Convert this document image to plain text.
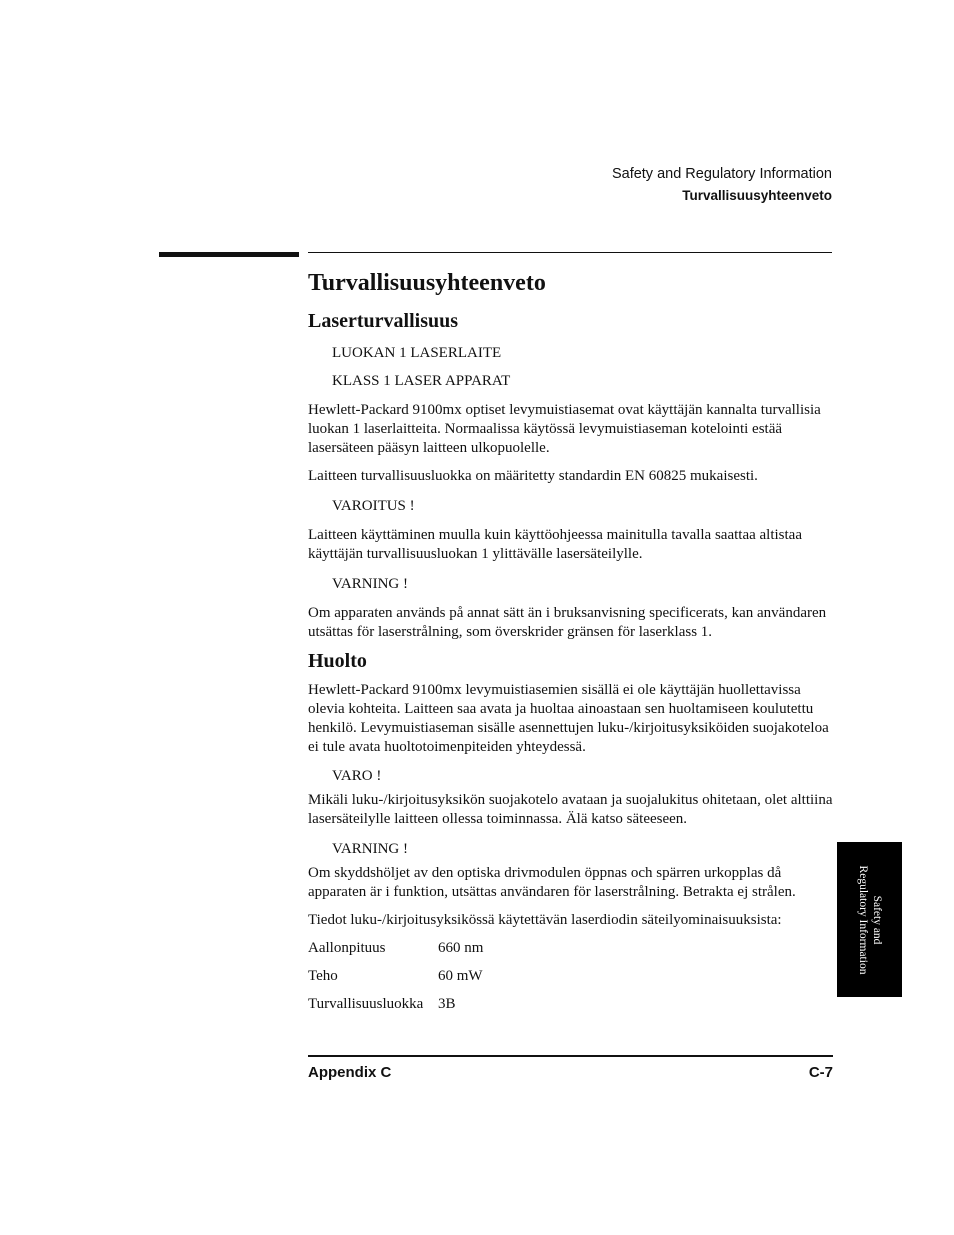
Safety and Regulatory Information
Turvallisuusyhteenveto
Turvallisuusyhteenveto
Laserturvallisuus
LUOKAN 1 LASERLAITE
KLASS 1 LASER APPARAT
Hewlett-Packard 9100mx optiset levymuistiasemat ovat käyttäjän kannalta turvallisia luokan 1 laserlaitteita. Normaalissa käytössä levymuistiaseman kotelointi estää lasersäteen pääsyn laitteen ulkopuolelle.
Laitteen turvallisuusluokka on määritetty standardin EN 60825 mukaisesti.
VAROITUS !
Laitteen käyttäminen muulla kuin käyttöohjeessa mainitulla tavalla saattaa altistaa käyttäjän turvallisuusluokan 1 ylittävälle lasersäteilylle.
VARNING !
Om apparaten används på annat sätt än i bruksanvisning specificerats, kan användaren utsättas för laserstrålning, som överskrider gränsen för laserklass 1.
Huolto
Hewlett-Packard 9100mx levymuistiasemien sisällä ei ole käyttäjän huollettavissa olevia kohteita. Laitteen saa avata ja huoltaa ainoastaan sen huoltamiseen koulutettu henkilö. Levymuistiaseman sisälle asennettujen luku-/kirjoitusyksiköiden suojakoteloa ei tule avata huoltotoimenpiteiden yhteydessä.
VARO !
Mikäli luku-/kirjoitusyksikön suojakotelo avataan ja suojalukitus ohitetaan, olet alttiina lasersäteilylle laitteen ollessa toiminnassa. Älä katso säteeseen.
VARNING !
Om skyddshöljet av den optiska drivmodulen öppnas och spärren urkopplas då apparaten är i funktion, utsättas användaren för laserstrålning. Betrakta ej strålen.
Tiedot luku-/kirjoitusyksikössä käytettävän laserdiodin säteilyominaisuuksista:
Aallonpituus	660 nm
Teho	60 mW
Turvallisuusluokka 3B
Safety and
Regulatory Information
Appendix C	C-7
